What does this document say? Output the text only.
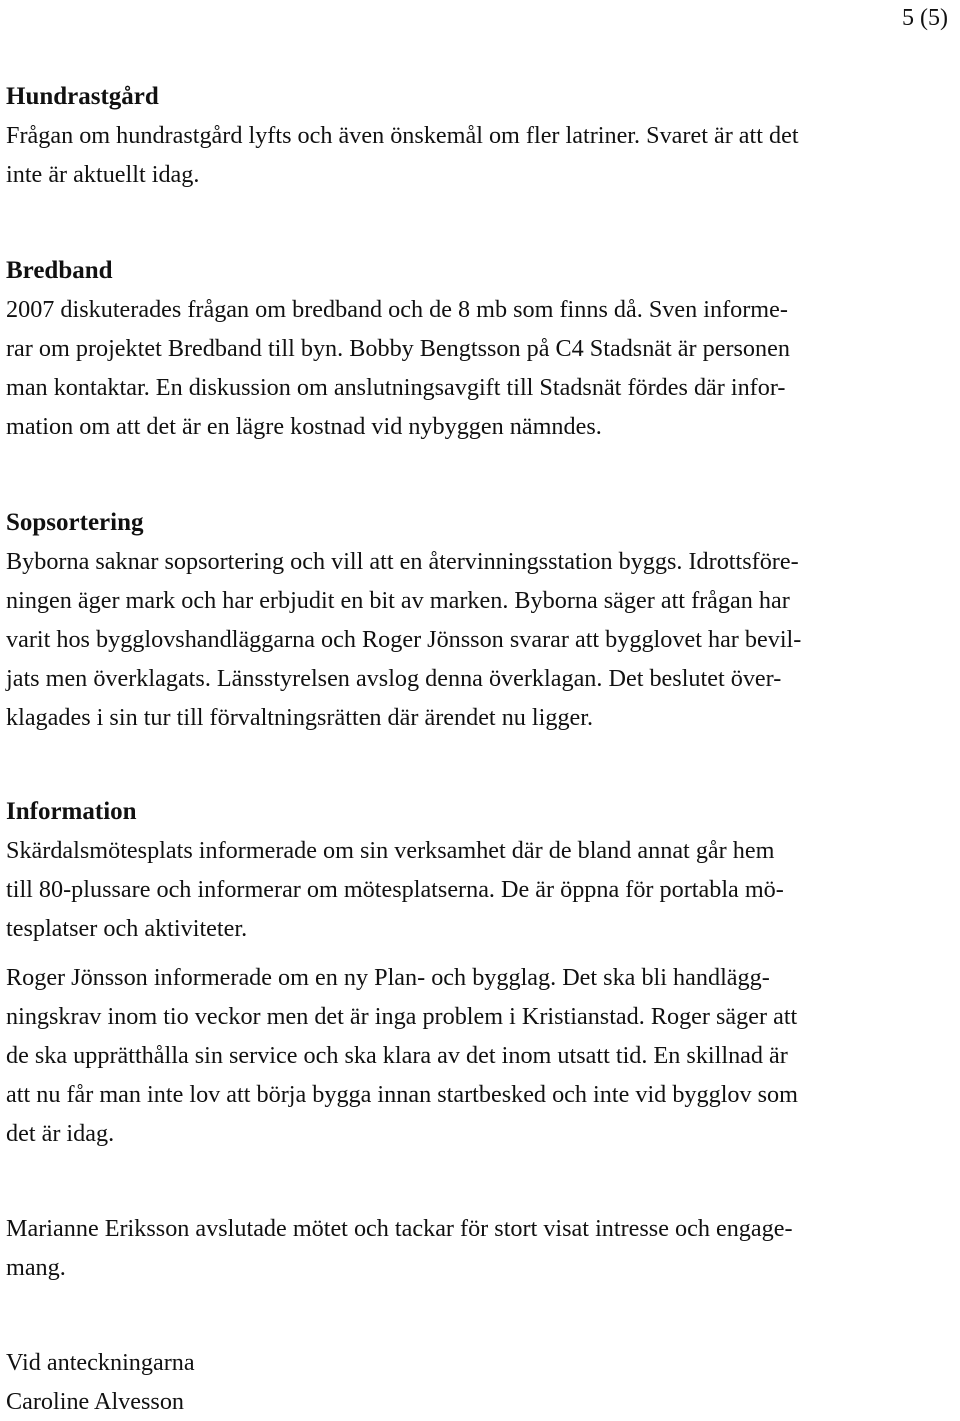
5 (5)
Hundrastgård

Frågan om hundrastgård lyfts och även önskemål om fler latriner. Svaret är att det
inte är aktuellt idag.

Bredband

2007 diskuterades frågan om bredband och de 8 mb som finns då. Sven informe-
rar om projektet Bredband till byn. Bobby Bengtsson på C4 Stadsnät är personen
man kontaktar. En diskussion om anslutningsavgift till Stadsnät fördes där infor-
mation om att det är en lägre kostnad vid nybyggen nämndes.

Sopsortering

Byborna saknar sopsortering och vill att en återvinningsstation byggs. Idrottsföre-
ningen äger mark och har erbjudit en bit av marken. Byborna säger att frågan har
varit hos bygglovshandläggarna och Roger Jönsson svarar att bygglovet har bevil-
jats men överklagats. Länsstyrelsen avslog denna överklagan. Det beslutet över-
klagades i sin tur till förvaltningsrätten där ärendet nu ligger.

Information

Skärdalsmötesplats informerade om sin verksamhet där de bland annat går hem
till 80-plussare och informerar om mötesplatserna. De är öppna för portabla mö-
tesplatser och aktiviteter.

Roger Jönsson informerade om en ny Plan- och bygglag. Det ska bli handlägg-
ningskrav inom tio veckor men det är inga problem i Kristianstad. Roger säger att
de ska upprätthålla sin service och ska klara av det inom utsatt tid. En skillnad är
att nu får man inte lov att börja bygga innan startbesked och inte vid bygglov som
det är idag.

Marianne Eriksson avslutade mötet och tackar för stort visat intresse och engage-
mang.

Vid anteckningarna

Caroline Alvesson
